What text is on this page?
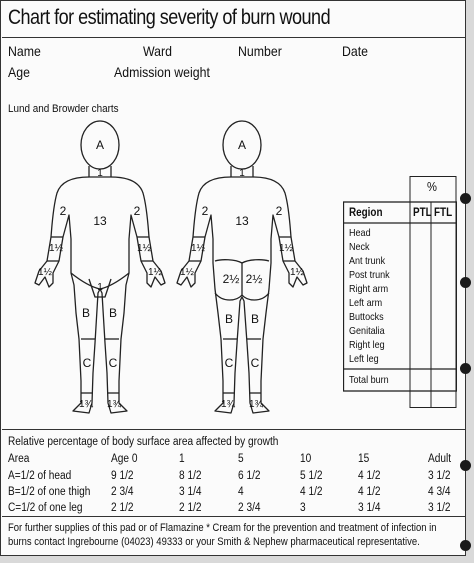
Chart for estimating severity of burn wound
Name	Ward	Number	Date
Age	Admission weight
Lund and Browder charts
A
1
2	2
13
1½	1½
1½	1½
1
B B
C C
1¾ 1¾
A
1
2	2
13
1½	1½
1½	1½
2½ 2½
B B
C C
1¾ 1¾
%
Region	PTL FTL
Head
Neck
Ant trunk
Post trunk
Right arm
Left arm
Buttocks
Genitalia
Right leg
Left leg
Total burn
Relative percentage of body surface area affected by growth
Area	Age 0	1	5	10	15	Adult
A=1/2 of head	9 1/2	8 1/2	6 1/2	5 1/2	4 1/2	3 1/2
B=1/2 of one thigh 2 3/4	3 1/4	4	4 1/2	4 1/2	4 3/4
C=1/2 of one leg 2 1/2	2 1/2	2 3/4	3	3 1/4	3 1/2
For further supplies of this pad or of Flamazine * Cream for the prevention and treatment of infection in burns contact Ingrebourne (04023) 49333 or your Smith & Nephew pharmaceutical representative.
